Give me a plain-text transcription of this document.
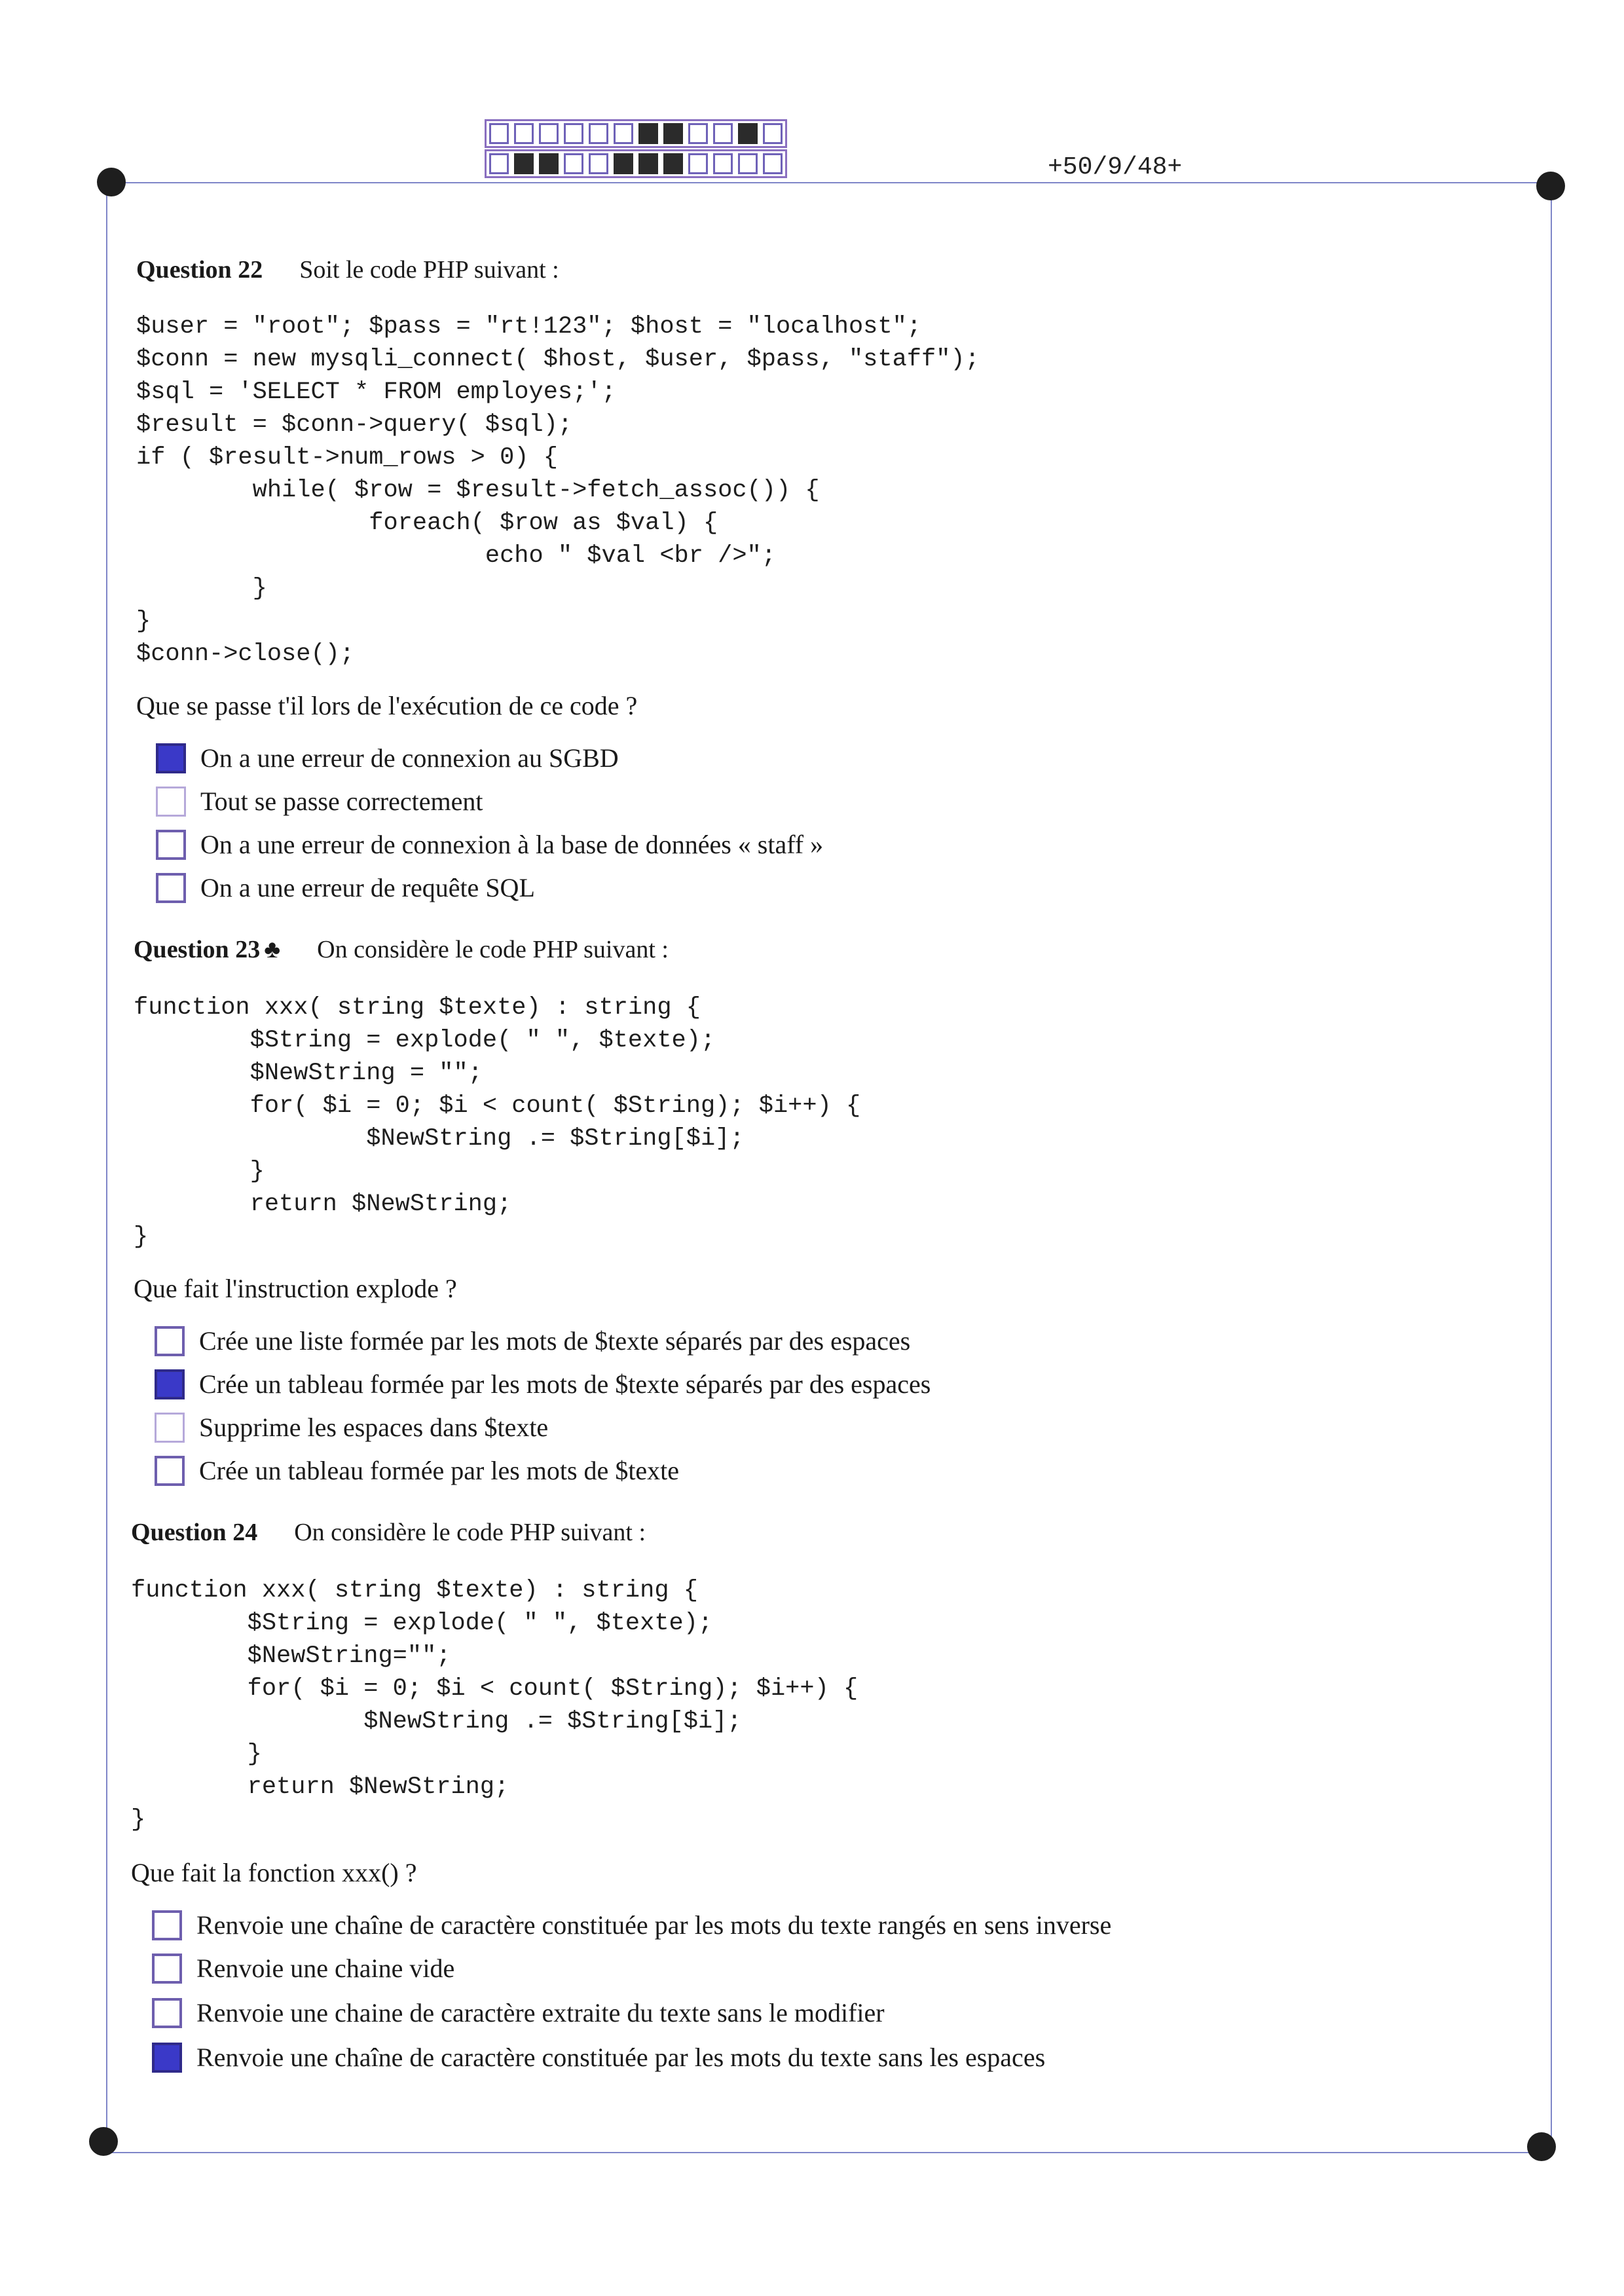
+50/9/48+
Question 22 Soit le code PHP suivant :
$user = "root"; $pass = "rt!123"; $host = "localhost";
$conn = new mysqli_connect( $host, $user, $pass, "staff");
$sql = 'SELECT * FROM employes;';
$result = $conn->query( $sql);
if ( $result->num_rows > 0) {
while( $row = $result->fetch_assoc()) {
foreach( $row as $val) {
echo " $val <br />";
}
}
$conn->close();
Que se passe t'il lors de l'exécution de ce code ?
On a une erreur de connexion au SGBD
Tout se passe correctement
On a une erreur de connexion à la base de données « staff »
On a une erreur de requête SQL
Question 23 ♣ On considère le code PHP suivant :
function xxx( string $texte) : string {
$String = explode( " ", $texte);
$NewString = "";
for( $i = 0; $i < count( $String); $i++) {
$NewString .= $String[$i];
}
return $NewString;
}
Que fait l'instruction explode ?
Crée une liste formée par les mots de $texte séparés par des espaces
Crée un tableau formée par les mots de $texte séparés par des espaces
Supprime les espaces dans $texte
Crée un tableau formée par les mots de $texte
Question 24 On considère le code PHP suivant :
function xxx( string $texte) : string {
$String = explode( " ", $texte);
$NewString="";
for( $i = 0; $i < count( $String); $i++) {
$NewString .= $String[$i];
}
return $NewString;
}
Que fait la fonction xxx() ?
Renvoie une chaîne de caractère constituée par les mots du texte rangés en sens inverse
Renvoie une chaine vide
Renvoie une chaine de caractère extraite du texte sans le modifier
Renvoie une chaîne de caractère constituée par les mots du texte sans les espaces
